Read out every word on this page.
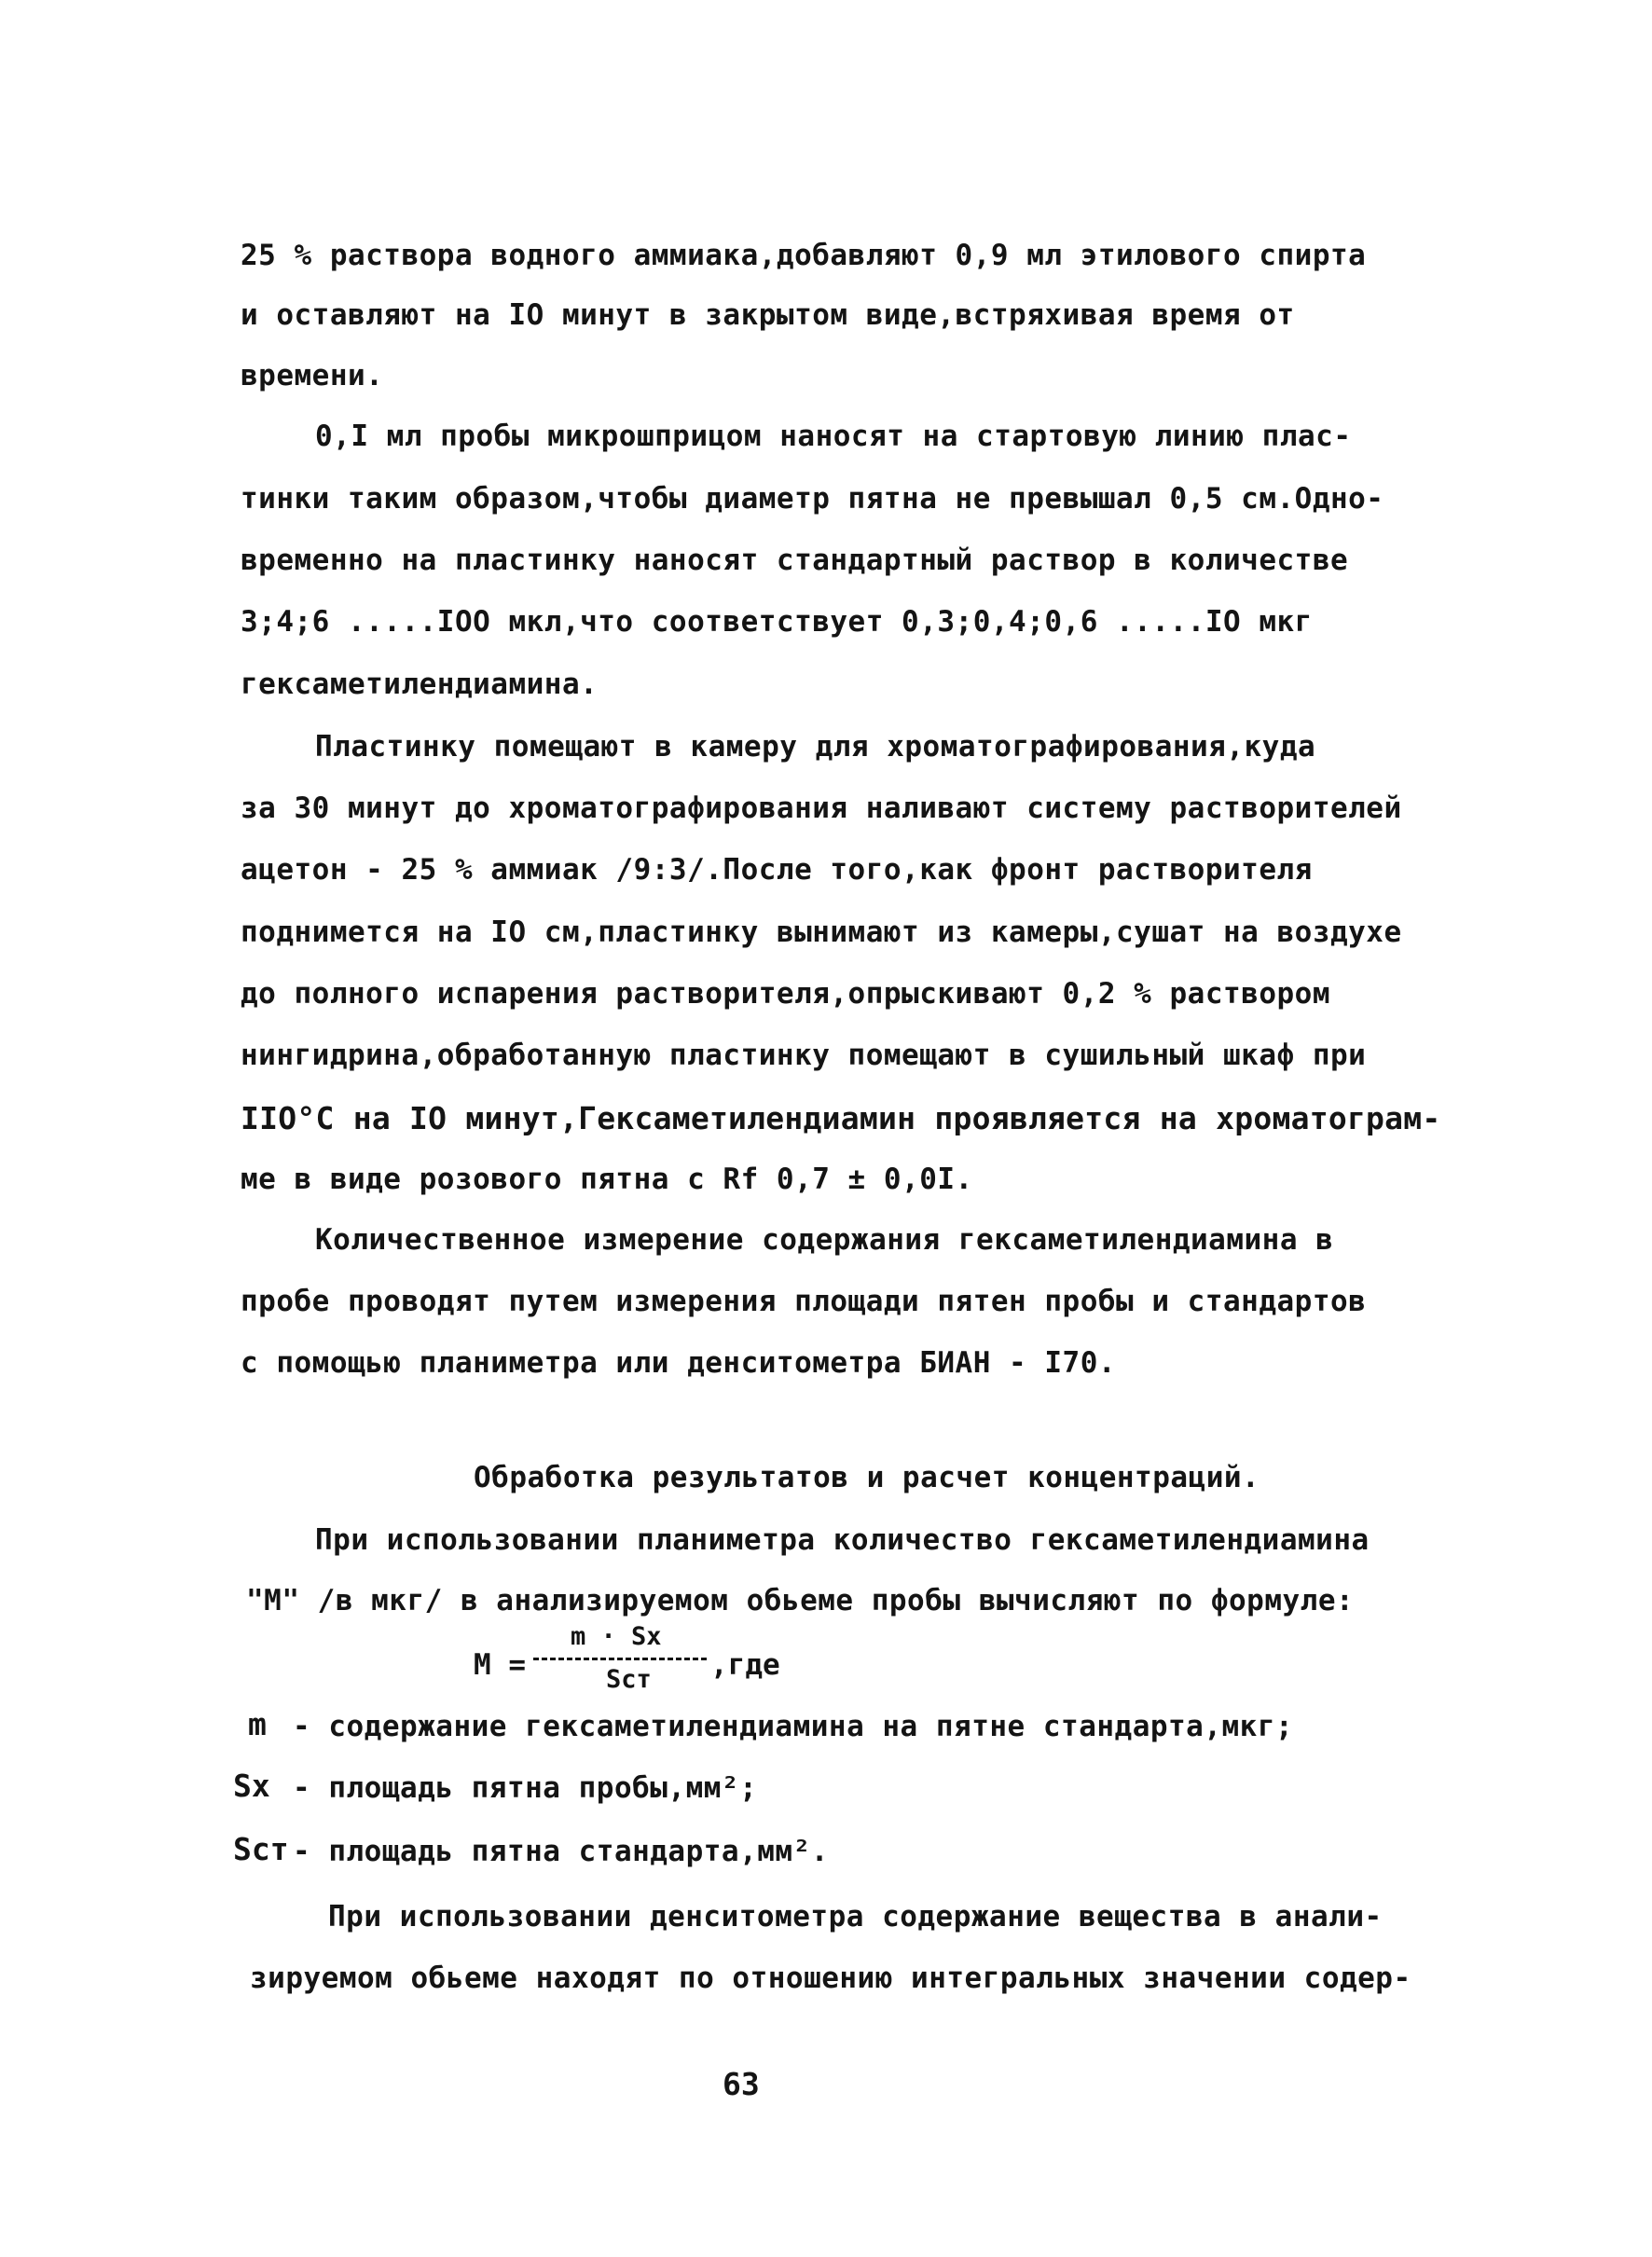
25 % раствора водного аммиака,добавляют 0,9 мл этилового спирта
и оставляют на IO минут в закрытом виде,встряхивая время от
времени.
0,I мл пробы микрошприцом наносят на стартовую линию плас-
тинки таким образом,чтобы диаметр пятна не превышал 0,5 см.Одно-
временно на пластинку наносят стандартный раствор в количестве
3;4;6 .....IOO мкл,что соответствует 0,3;0,4;0,6 .....IO мкг
гексаметилендиамина.
Пластинку помещают в камеру для хроматографирования,куда
за 30 минут до хроматографирования наливают систему растворителей
ацетон - 25 % аммиак /9:3/.После того,как фронт растворителя
поднимется на IO см,пластинку вынимают из камеры,сушат на воздухе
до полного испарения растворителя,опрыскивают 0,2 % раствором
нингидрина,обработанную пластинку помещают в сушильный шкаф при
IIO°C на IO минут,Гексаметилендиамин проявляется на хроматограм-
ме в виде розового пятна с Rf 0,7 ± 0,0I.
Количественное измерение содержания гексаметилендиамина в
пробе проводят путем измерения площади пятен пробы и стандартов
с помощью планиметра или денситометра БИАН - I70.
Обработка результатов и расчет концентраций.
При использовании планиметра количество гексаметилендиамина
"М" /в мкг/ в анализируемом обьеме пробы вычисляют по формуле:
М =
m · Sx
Sст ,где
m - содержание гексаметилендиамина на пятне стандарта,мкг;
Sx - площадь пятна пробы,мм²;
Sст - площадь пятна стандарта,мм².
При использовании денситометра содержание вещества в анали-
зируемом обьеме находят по отношению интегральных значении содер-
63
